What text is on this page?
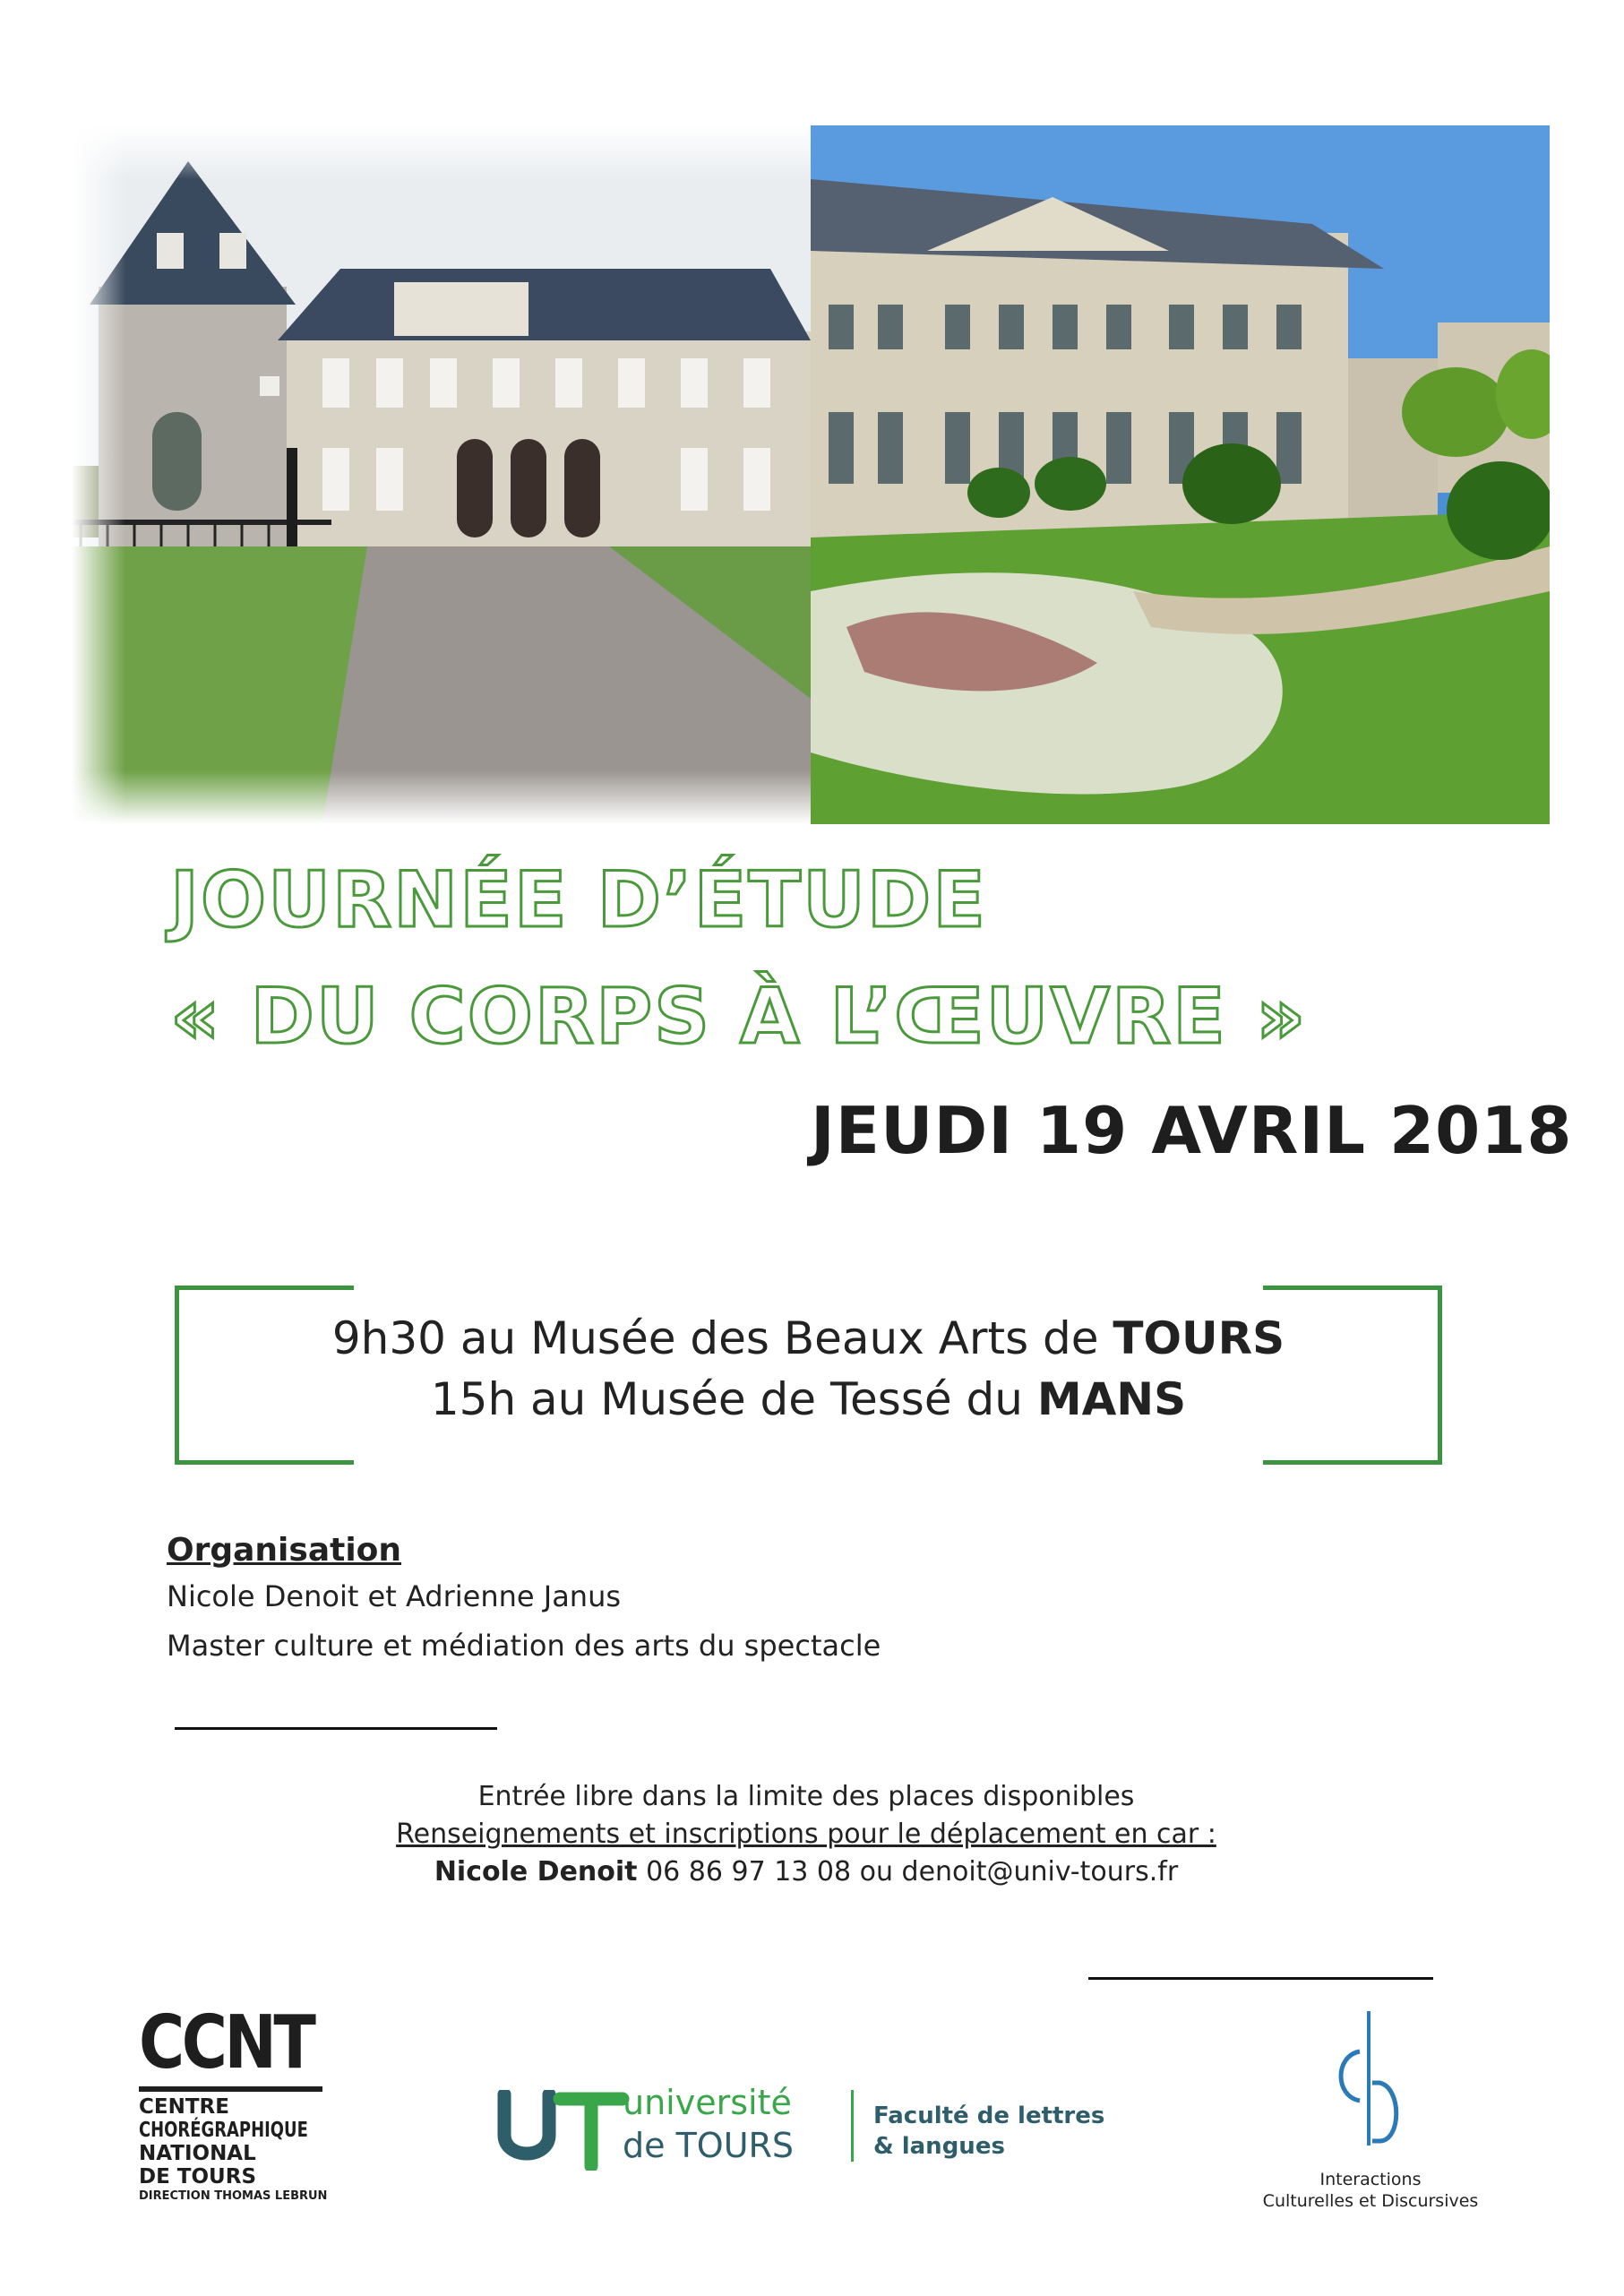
JOURNÉE D’ÉTUDE
« DU CORPS À L’ŒUVRE »
JEUDI 19 AVRIL 2018
9h30 au Musée des Beaux Arts de TOURS
15h au Musée de Tessé du MANS
Organisation
Nicole Denoit et Adrienne Janus
Master culture et médiation des arts du spectacle
Entrée libre dans la limite des places disponibles
Renseignements et inscriptions pour le déplacement en car :
Nicole Denoit 06 86 97 13 08 ou denoit@univ-tours.fr
CCNT
CENTRE
CHORÉGRAPHIQUE
NATIONAL
DE TOURS
DIRECTION THOMAS LEBRUN
université
de TOURS
Faculté de lettres
& langues
Interactions
Culturelles et Discursives
